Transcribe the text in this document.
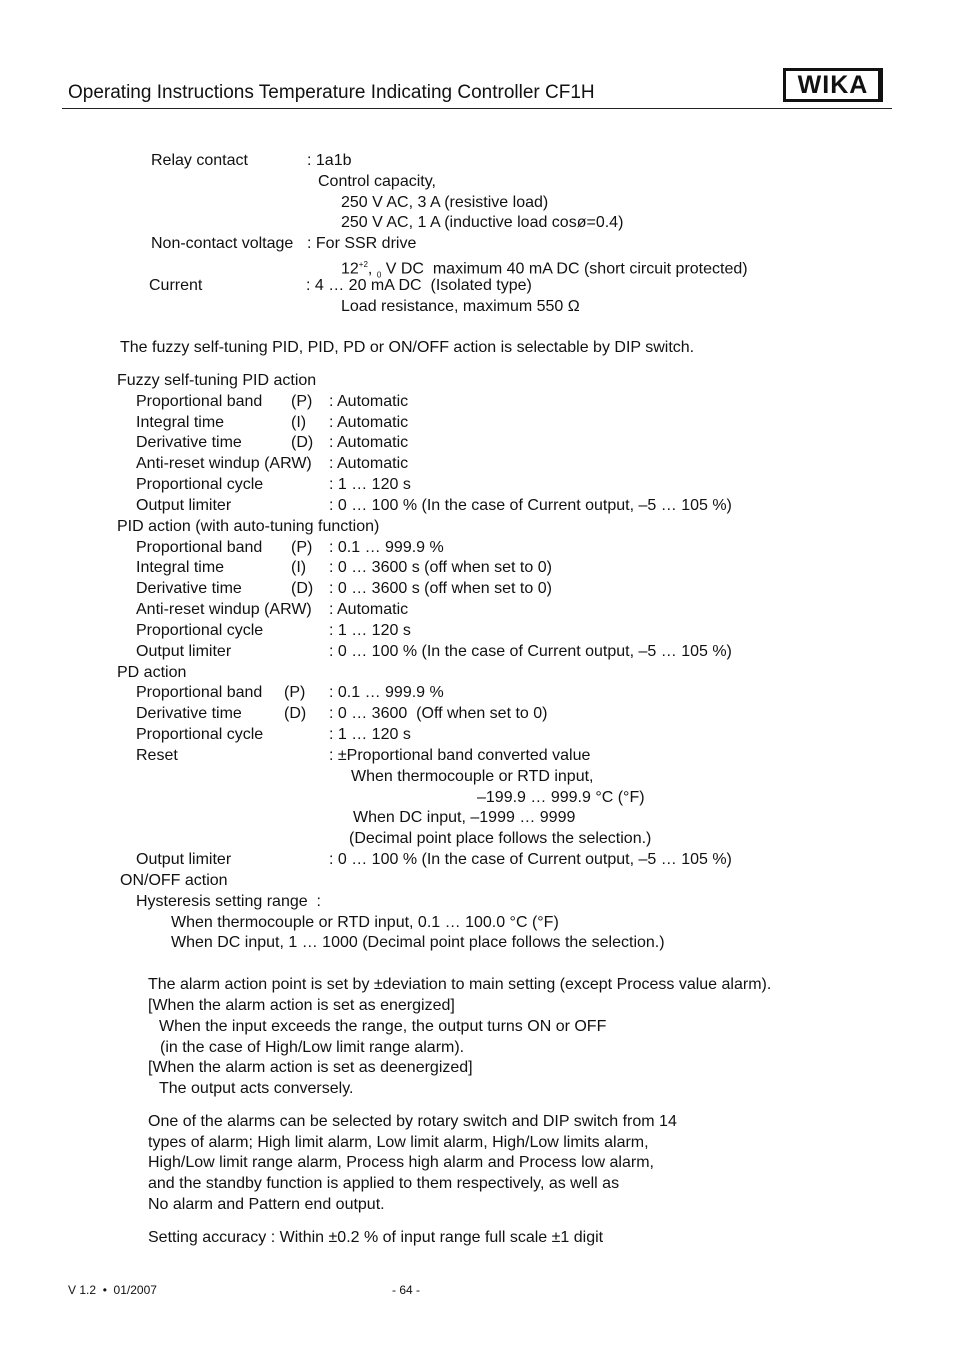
Operating Instructions Temperature Indicating Controller CF1H	WIKA
Relay contact	: 1a1b
Control capacity,
250 V AC, 3 A (resistive load)
250 V AC, 1 A (inductive load cosø=0.4)
Non-contact voltage : For SSR drive
$12^{+2}$, $_0$ V DC  maximum 40 mA DC (short circuit protected)
Current	: 4 … 20 mA DC  (Isolated type)
Load resistance, maximum 550 Ω
The fuzzy self-tuning PID, PID, PD or ON/OFF action is selectable by DIP switch.
Fuzzy self-tuning PID action
Proportional band (P) : Automatic
Integral time	(I) : Automatic
Derivative time	(D) : Automatic
Anti-reset windup (ARW) : Automatic
Proportional cycle	: 1 … 120 s
Output limiter	: 0 … 100 % (In the case of Current output, –5 … 105 %)
PID action (with auto-tuning function)
Proportional band (P) : 0.1 … 999.9 %
Integral time	(I) : 0 … 3600 s (off when set to 0)
Derivative time	(D) : 0 … 3600 s (off when set to 0)
Anti-reset windup (ARW) : Automatic
Proportional cycle	: 1 … 120 s
Output limiter	: 0 … 100 % (In the case of Current output, –5 … 105 %)
PD action
Proportional band (P) : 0.1 … 999.9 %
Derivative time	(D) : 0 … 3600  (Off when set to 0)
Proportional cycle	: 1 … 120 s
Reset	: ±Proportional band converted value
When thermocouple or RTD input,
–199.9 … 999.9 °C (°F)
When DC input, –1999 … 9999
(Decimal point place follows the selection.)
Output limiter	: 0 … 100 % (In the case of Current output, –5 … 105 %)
ON/OFF action
Hysteresis setting range  :
When thermocouple or RTD input, 0.1 … 100.0 °C (°F)
When DC input, 1 … 1000 (Decimal point place follows the selection.)
The alarm action point is set by ±deviation to main setting (except Process value alarm).
[When the alarm action is set as energized]
When the input exceeds the range, the output turns ON or OFF
(in the case of High/Low limit range alarm).
[When the alarm action is set as deenergized]
The output acts conversely.
One of the alarms can be selected by rotary switch and DIP switch from 14
types of alarm; High limit alarm, Low limit alarm, High/Low limits alarm,
High/Low limit range alarm, Process high alarm and Process low alarm,
and the standby function is applied to them respectively, as well as
No alarm and Pattern end output.
Setting accuracy : Within ±0.2 % of input range full scale ±1 digit
V 1.2  •  01/2007	- 64 -
